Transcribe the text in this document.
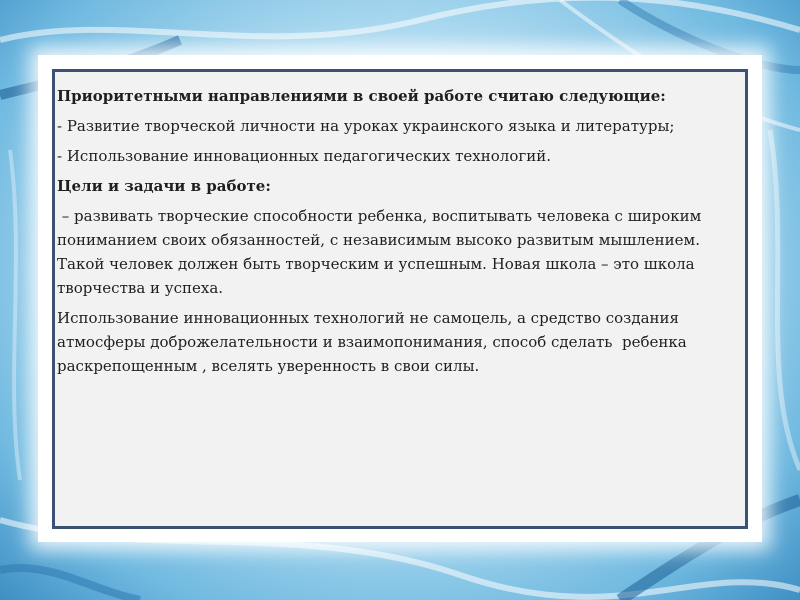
Приоритетными направлениями в своей работе считаю следующие:

- Развитие творческой личности на уроках украинского языка и литературы;

- Использование инновационных педагогических технологий.

Цели и задачи в работе:

– развивать творческие способности ребенка, воспитывать человека с широким пониманием своих обязанностей, с независимым высоко развитым мышлением. Такой человек должен быть творческим и успешным. Новая школа – это школа творчества и успеха.

Использование инновационных технологий не самоцель, а средство создания атмосферы доброжелательности и взаимопонимания, способ сделать  ребенка раскрепощенным , вселять уверенность в свои силы.
